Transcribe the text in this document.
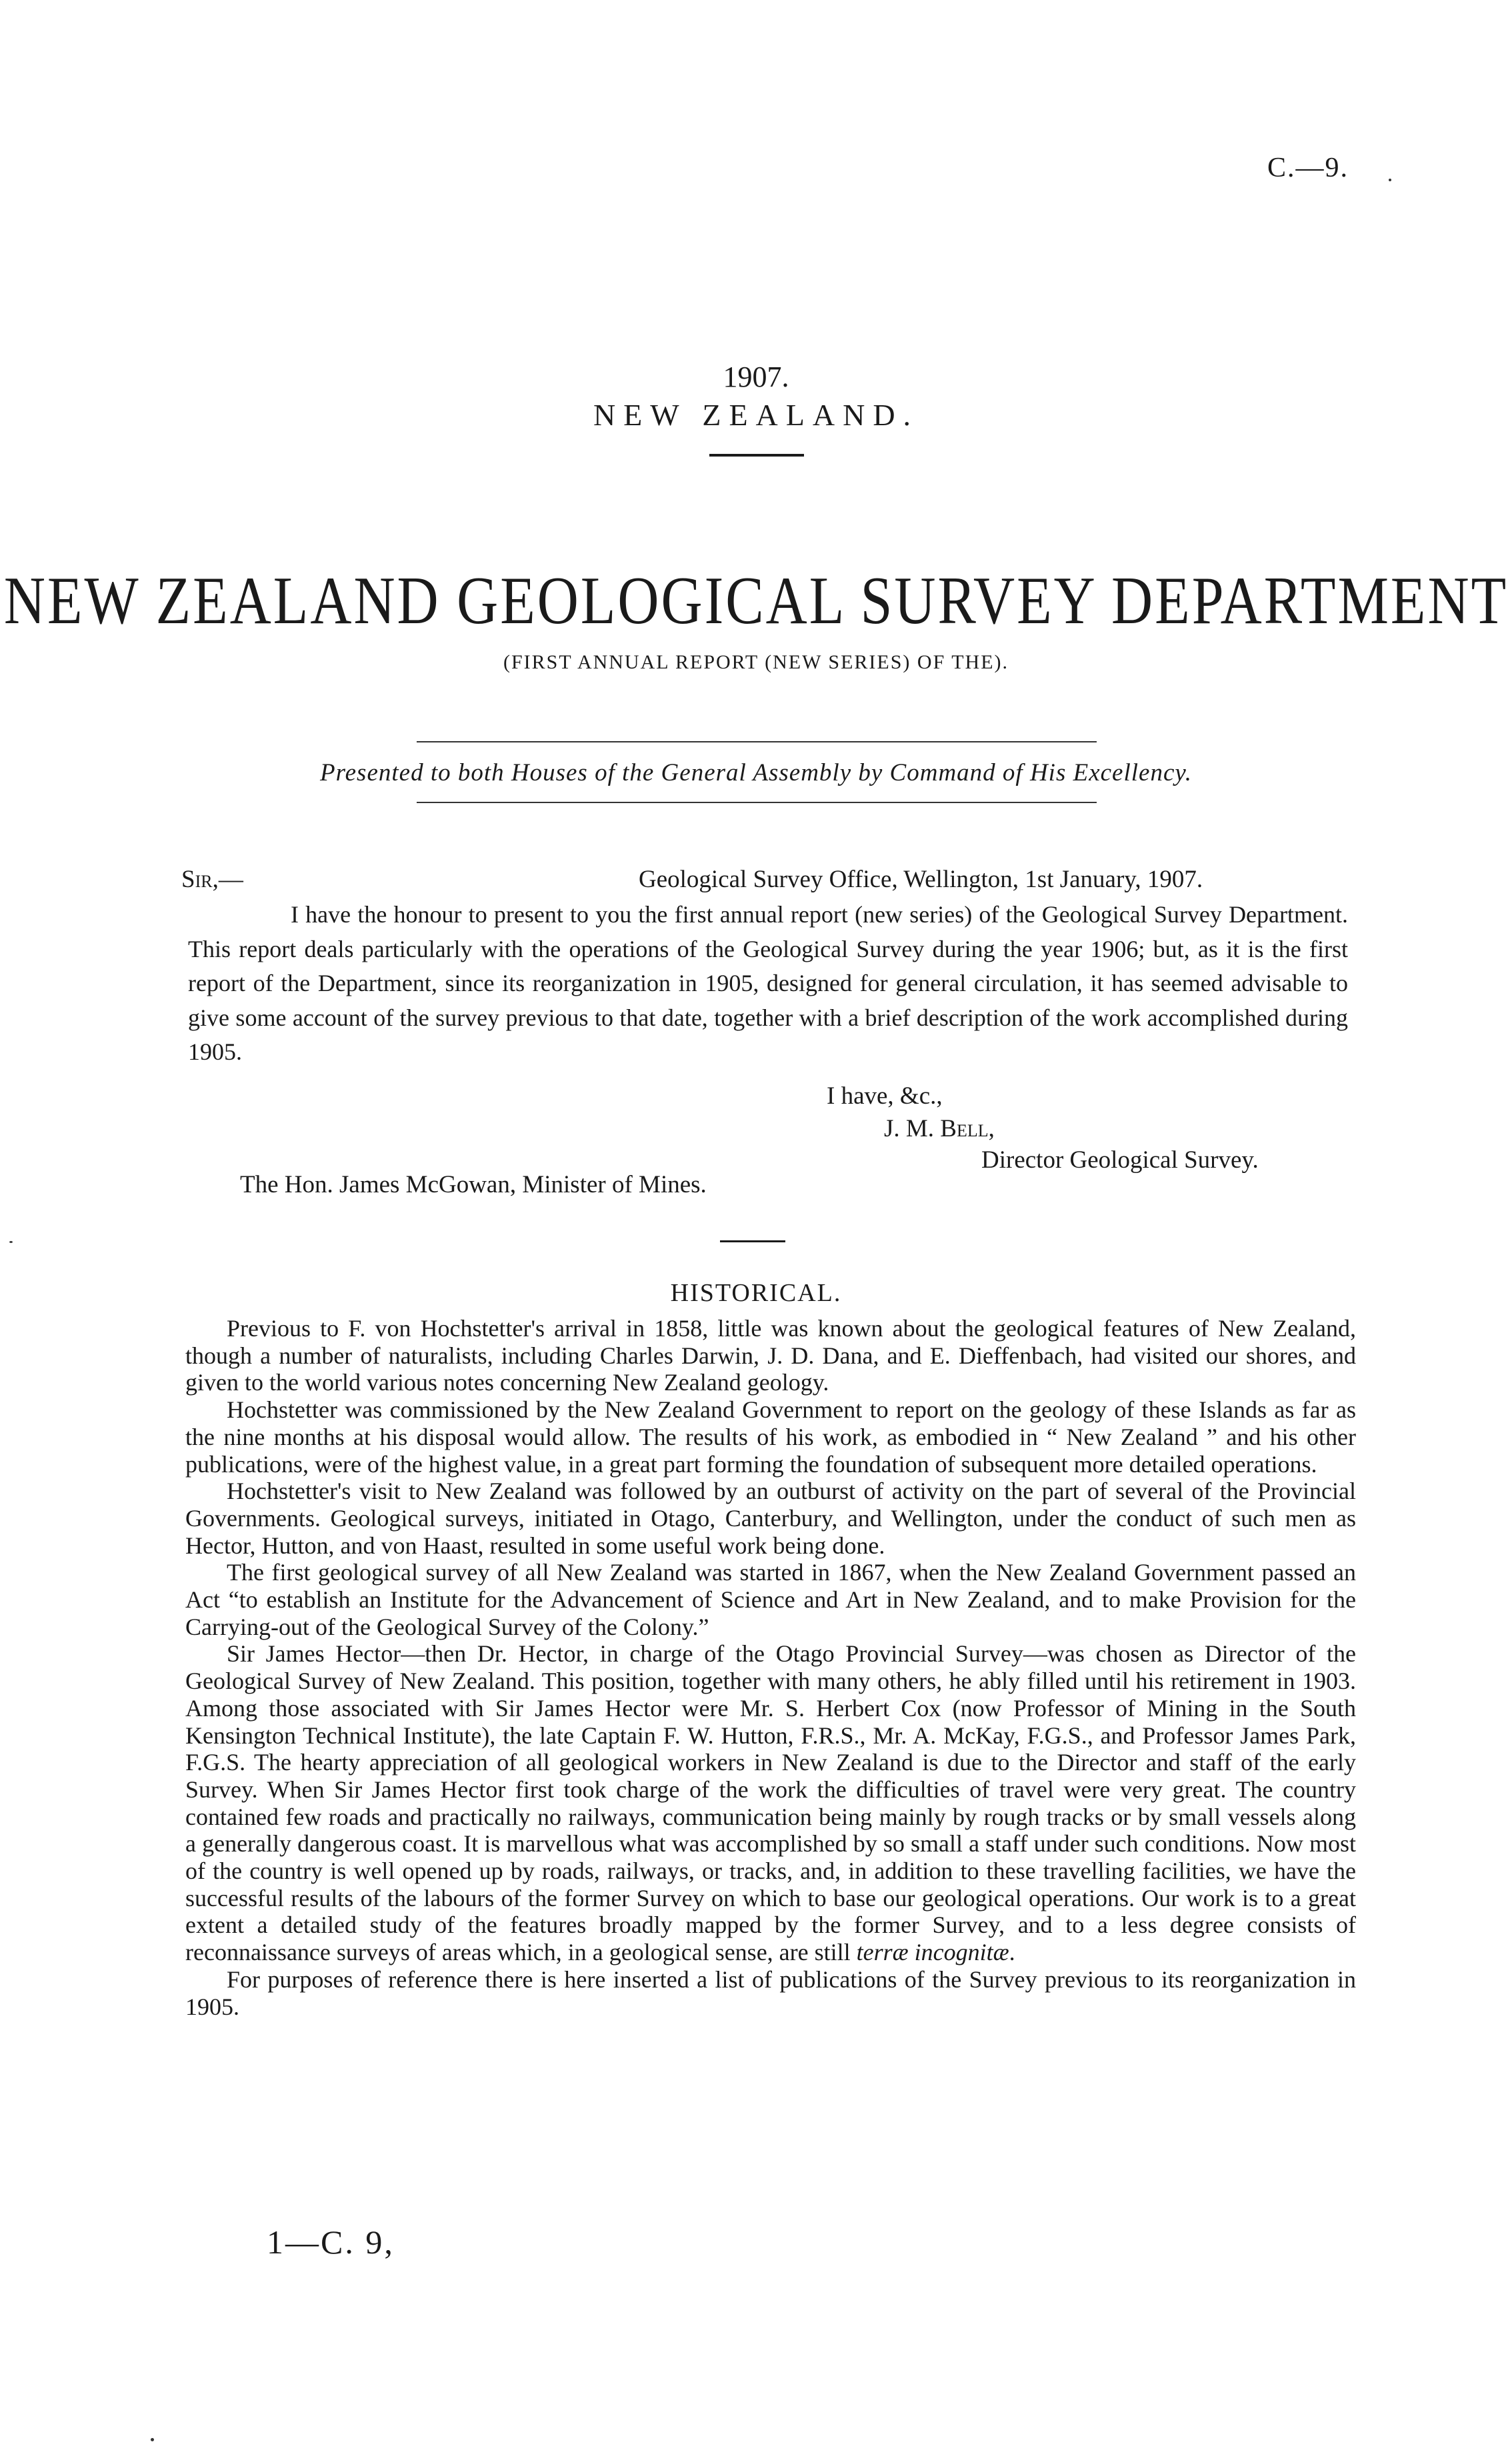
C.—9.
1907.
NEW ZEALAND.
NEW ZEALAND GEOLOGICAL SURVEY DEPARTMENT
(FIRST ANNUAL REPORT (NEW SERIES) OF THE).
Presented to both Houses of the General Assembly by Command of His Excellency.
Sir,—	Geological Survey Office, Wellington, 1st January, 1907.

I have the honour to present to you the first annual report (new series) of the Geological Survey Department. This report deals particularly with the operations of the Geological Survey during the year 1906; but, as it is the first report of the Department, since its reorganization in 1905, designed for general circulation, it has seemed advisable to give some account of the survey previous to that date, together with a brief description of the work accomplished during 1905.

I have, &c.,
J. M. Bell,
Director Geological Survey.
The Hon. James McGowan, Minister of Mines.
HISTORICAL.

Previous to F. von Hochstetter's arrival in 1858, little was known about the geological features of New Zealand, though a number of naturalists, including Charles Darwin, J. D. Dana, and E. Dieffenbach, had visited our shores, and given to the world various notes concerning New Zealand geology.

Hochstetter was commissioned by the New Zealand Government to report on the geology of these Islands as far as the nine months at his disposal would allow. The results of his work, as embodied in “ New Zealand ” and his other publications, were of the highest value, in a great part forming the foundation of subsequent more detailed operations.

Hochstetter's visit to New Zealand was followed by an outburst of activity on the part of several of the Provincial Governments. Geological surveys, initiated in Otago, Canterbury, and Wellington, under the conduct of such men as Hector, Hutton, and von Haast, resulted in some useful work being done.

The first geological survey of all New Zealand was started in 1867, when the New Zealand Government passed an Act “to establish an Institute for the Advancement of Science and Art in New Zealand, and to make Provision for the Carrying-out of the Geological Survey of the Colony.”

Sir James Hector—then Dr. Hector, in charge of the Otago Provincial Survey—was chosen as Director of the Geological Survey of New Zealand. This position, together with many others, he ably filled until his retirement in 1903. Among those associated with Sir James Hector were Mr. S. Herbert Cox (now Professor of Mining in the South Kensington Technical Institute), the late Captain F. W. Hutton, F.R.S., Mr. A. McKay, F.G.S., and Professor James Park, F.G.S. The hearty appreciation of all geological workers in New Zealand is due to the Director and staff of the early Survey. When Sir James Hector first took charge of the work the difficulties of travel were very great. The country contained few roads and practically no railways, communication being mainly by rough tracks or by small vessels along a generally dangerous coast. It is marvellous what was accomplished by so small a staff under such conditions. Now most of the country is well opened up by roads, railways, or tracks, and, in addition to these travelling facilities, we have the successful results of the labours of the former Survey on which to base our geological operations. Our work is to a great extent a detailed study of the features broadly mapped by the former Survey, and to a less degree consists of reconnaissance surveys of areas which, in a geological sense, are still terræ incognitæ.

For purposes of reference there is here inserted a list of publications of the Survey previous to its reorganization in 1905.

1—C. 9,
